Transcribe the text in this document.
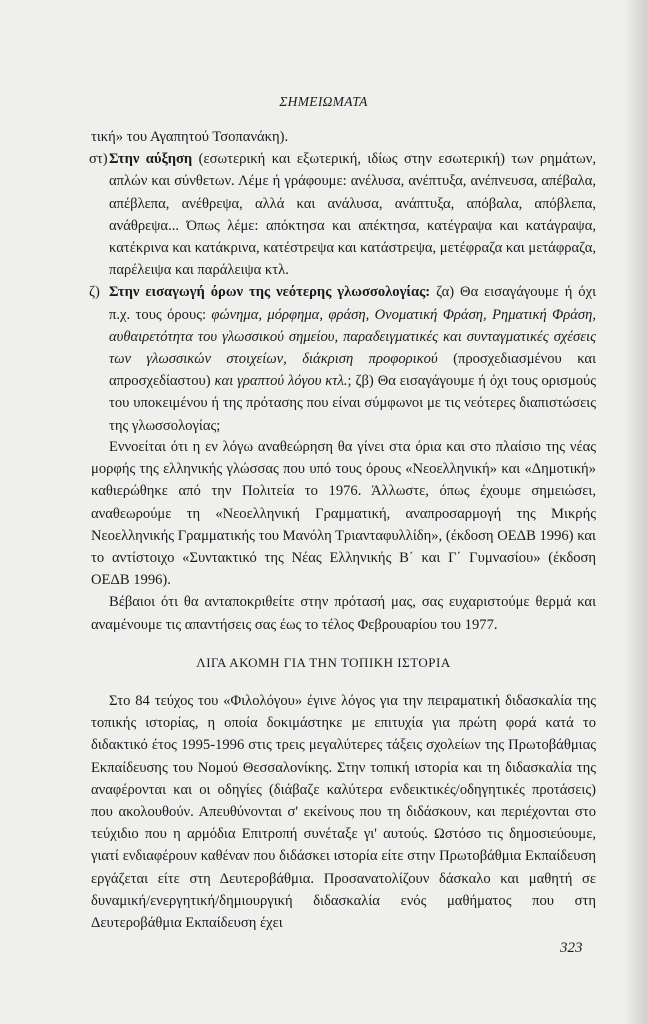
ΣΗΜΕΙΩΜΑΤΑ

τική» του Αγαπητού Τσοπανάκη).

στ) Στην αύξηση (εσωτερική και εξωτερική, ιδίως στην εσωτερική) των ρημάτων, απλών και σύνθετων. Λέμε ή γράφουμε: ανέλυσα, ανέπτυξα, ανέπνευσα, απέβαλα, απέβλεπα, ανέθρεψα, αλλά και ανάλυσα, ανάπτυξα, απόβαλα, απόβλεπα, ανάθρεψα... Όπως λέμε: απόκτησα και απέκτησα, κατέγραψα και κατάγραψα, κατέκρινα και κατάκρινα, κατέστρεψα και κατάστρεψα, μετέφραζα και μετάφραζα, παρέλειψα και παράλειψα κτλ.

ζ) Στην εισαγωγή όρων της νεότερης γλωσσολογίας: ζα) Θα εισαγάγουμε ή όχι π.χ. τους όρους: φώνημα, μόρφημα, φράση, Ονοματική Φράση, Ρηματική Φράση, αυθαιρετότητα του γλωσσικού σημείου, παραδειγματικές και συνταγματικές σχέσεις των γλωσσικών στοιχείων, διάκριση προφορικού (προσχεδιασμένου και απροσχεδίαστου) και γραπτού λόγου κτλ.; ζβ) Θα εισαγάγουμε ή όχι τους ορισμούς του υποκειμένου ή της πρότασης που είναι σύμφωνοι με τις νεότερες διαπιστώσεις της γλωσσολογίας;

Εννοείται ότι η εν λόγω αναθεώρηση θα γίνει στα όρια και στο πλαίσιο της νέας μορφής της ελληνικής γλώσσας που υπό τους όρους «Νεοελληνική» και «Δημοτική» καθιερώθηκε από την Πολιτεία το 1976. Άλλωστε, όπως έχουμε σημειώσει, αναθεωρούμε τη «Νεοελληνική Γραμματική, αναπροσαρμογή της Μικρής Νεοελληνικής Γραμματικής του Μανόλη Τριανταφυλλίδη», (έκδοση ΟΕΔΒ 1996) και το αντίστοιχο «Συντακτικό της Νέας Ελληνικής Β΄ και Γ΄ Γυμνασίου» (έκδοση ΟΕΔΒ 1996).

Βέβαιοι ότι θα ανταποκριθείτε στην πρότασή μας, σας ευχαριστούμε θερμά και αναμένουμε τις απαντήσεις σας έως το τέλος Φεβρουαρίου του 1977.

ΛΙΓΑ ΑΚΟΜΗ ΓΙΑ ΤΗΝ ΤΟΠΙΚΗ ΙΣΤΟΡΙΑ

Στο 84 τεύχος του «Φιλολόγου» έγινε λόγος για την πειραματική διδασκαλία της τοπικής ιστορίας, η οποία δοκιμάστηκε με επιτυχία για πρώτη φορά κατά το διδακτικό έτος 1995-1996 στις τρεις μεγαλύτερες τάξεις σχολείων της Πρωτοβάθμιας Εκπαίδευσης του Νομού Θεσσαλονίκης. Στην τοπική ιστορία και τη διδασκαλία της αναφέρονται και οι οδηγίες (διάβαζε καλύτερα ενδεικτικές/οδηγητικές προτάσεις) που ακολουθούν. Απευθύνονται σ' εκείνους που τη διδάσκουν, και περιέχονται στο τεύχιδιο που η αρμόδια Επιτροπή συνέταξε γι' αυτούς. Ωστόσο τις δημοσιεύουμε, γιατί ενδιαφέρουν καθέναν που διδάσκει ιστορία είτε στην Πρωτοβάθμια Εκπαίδευση εργάζεται είτε στη Δευτεροβάθμια. Προσανατολίζουν δάσκαλο και μαθητή σε δυναμική/ενεργητική/δημιουργική διδασκαλία ενός μαθήματος που στη Δευτεροβάθμια Εκπαίδευση έχει

323
